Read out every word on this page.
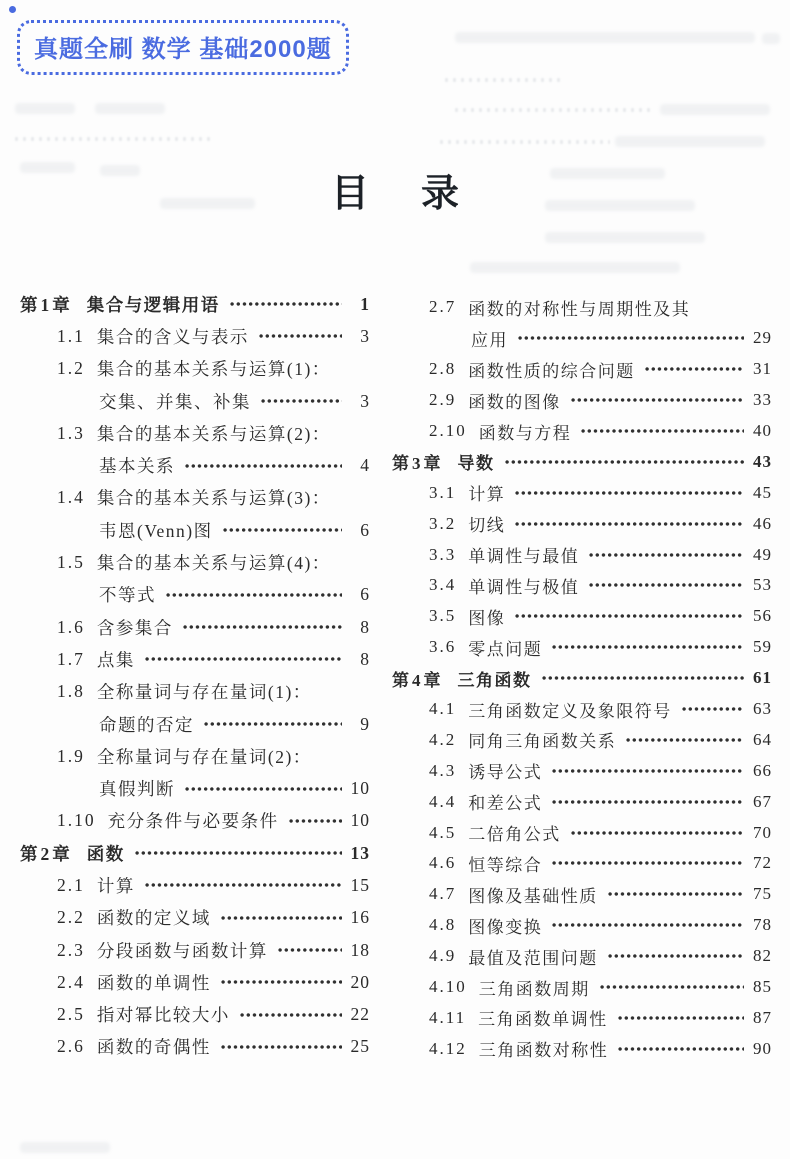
真题全刷 数学 基础2000题
目录
第1章 集合与逻辑用语	1
1.1 集合的含义与表示	3
1.2 集合的基本关系与运算(1)：
交集、并集、补集	3
1.3 集合的基本关系与运算(2)：
基本关系	4
1.4 集合的基本关系与运算(3)：
韦恩(Venn)图	6
1.5 集合的基本关系与运算(4)：
不等式	6
1.6 含参集合	8
1.7 点集	8
1.8 全称量词与存在量词(1)：
命题的否定	9
1.9 全称量词与存在量词(2)：
真假判断	10
1.10 充分条件与必要条件	10
第2章 函数	13
2.1 计算	15
2.2 函数的定义域	16
2.3 分段函数与函数计算	18
2.4 函数的单调性	20
2.5 指对幂比较大小	22
2.6 函数的奇偶性	25
2.7 函数的对称性与周期性及其
应用	29
2.8 函数性质的综合问题	31
2.9 函数的图像	33
2.10 函数与方程	40
第3章 导数	43
3.1 计算	45
3.2 切线	46
3.3 单调性与最值	49
3.4 单调性与极值	53
3.5 图像	56
3.6 零点问题	59
第4章 三角函数	61
4.1 三角函数定义及象限符号	63
4.2 同角三角函数关系	64
4.3 诱导公式	66
4.4 和差公式	67
4.5 二倍角公式	70
4.6 恒等综合	72
4.7 图像及基础性质	75
4.8 图像变换	78
4.9 最值及范围问题	82
4.10 三角函数周期	85
4.11 三角函数单调性	87
4.12 三角函数对称性	90
